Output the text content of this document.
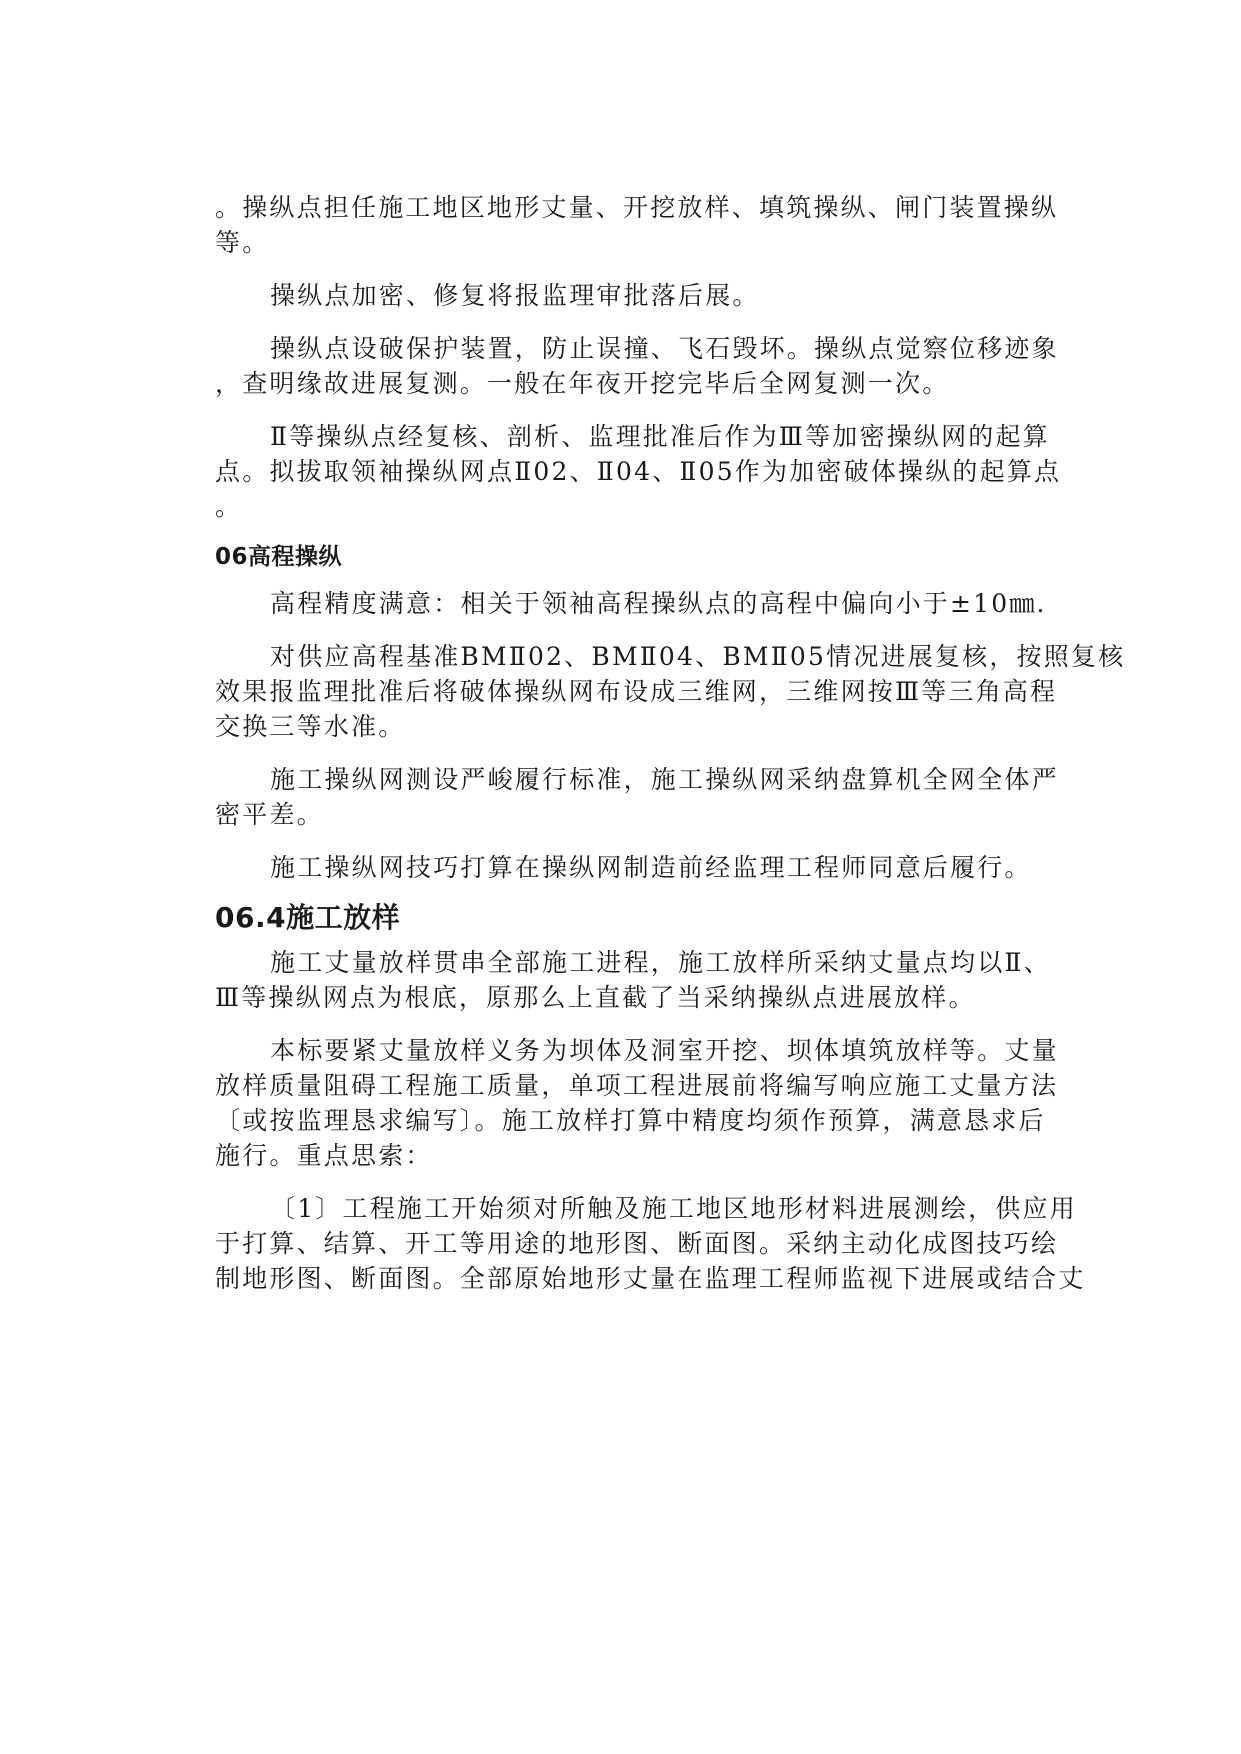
。操纵点担任施工地区地形丈量、开挖放样、填筑操纵、闸门装置操纵
等。
操纵点加密、修复将报监理审批落后展。
操纵点设破保护装置，防止误撞、飞石毁坏。操纵点觉察位移迹象
，查明缘故进展复测。一般在年夜开挖完毕后全网复测一次。
Ⅱ等操纵点经复核、剖析、监理批准后作为Ⅲ等加密操纵网的起算
点。拟拔取领袖操纵网点Ⅱ02、Ⅱ04、Ⅱ05作为加密破体操纵的起算点
。
06高程操纵
高程精度满意：相关于领袖高程操纵点的高程中偏向小于±10㎜.
对供应高程基准BMⅡ02、BMⅡ04、BMⅡ05情况进展复核，按照复核
效果报监理批准后将破体操纵网布设成三维网，三维网按Ⅲ等三角高程
交换三等水准。
施工操纵网测设严峻履行标准，施工操纵网采纳盘算机全网全体严
密平差。
施工操纵网技巧打算在操纵网制造前经监理工程师同意后履行。
06.4施工放样
施工丈量放样贯串全部施工进程，施工放样所采纳丈量点均以Ⅱ、
Ⅲ等操纵网点为根底，原那么上直截了当采纳操纵点进展放样。
本标要紧丈量放样义务为坝体及洞室开挖、坝体填筑放样等。丈量
放样质量阻碍工程施工质量，单项工程进展前将编写响应施工丈量方法
〔或按监理恳求编写〕。施工放样打算中精度均须作预算，满意恳求后
施行。重点思索：
〔1〕工程施工开始须对所触及施工地区地形材料进展测绘，供应用
于打算、结算、开工等用途的地形图、断面图。采纳主动化成图技巧绘
制地形图、断面图。全部原始地形丈量在监理工程师监视下进展或结合丈
